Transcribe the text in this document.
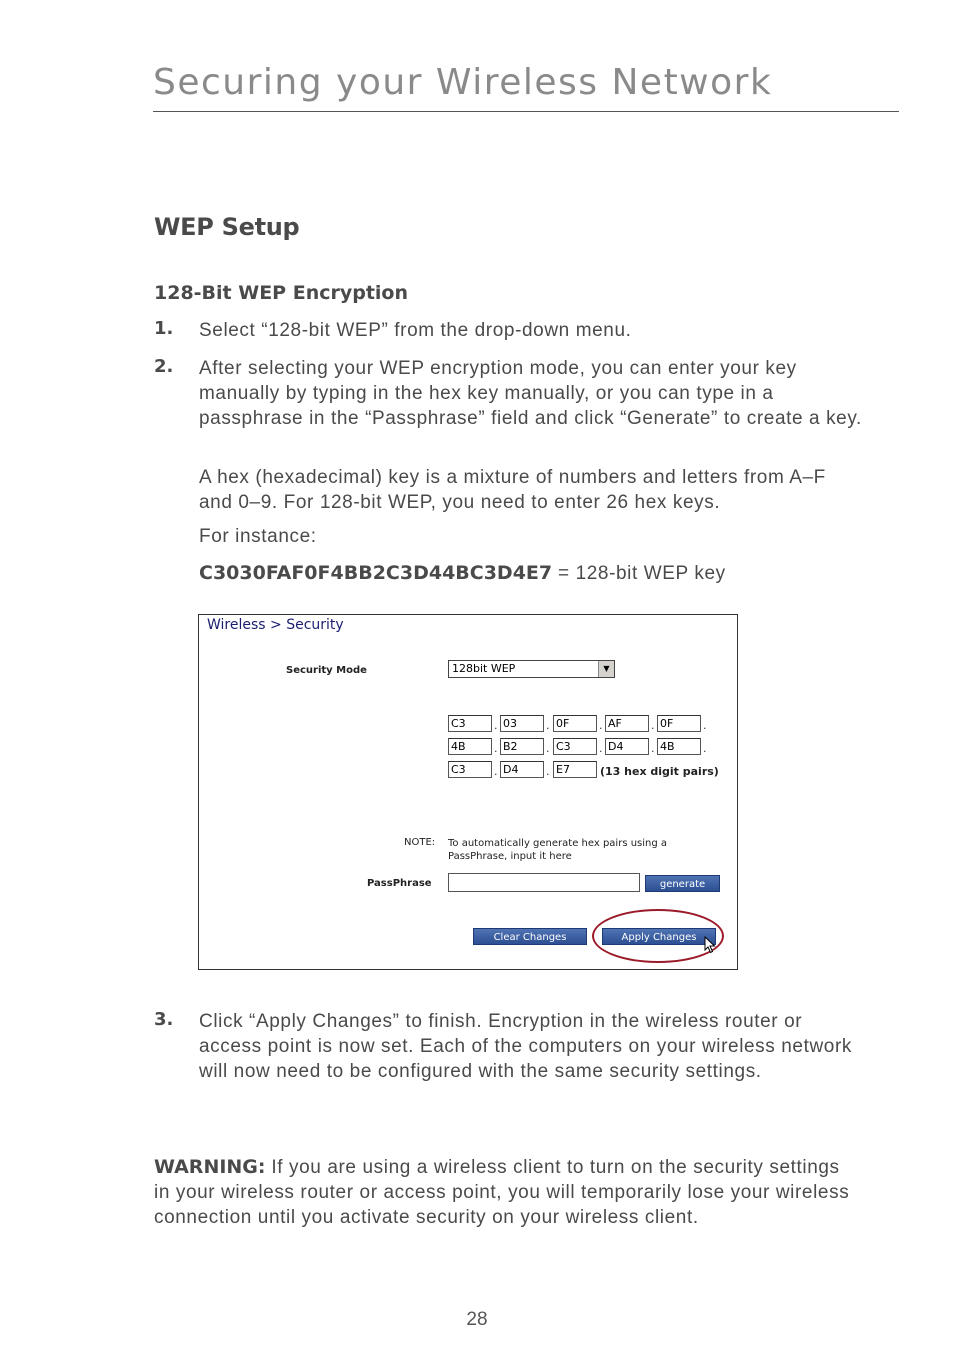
Securing your Wireless Network
WEP Setup
128-Bit WEP Encryption
1. Select “128-bit WEP” from the drop-down menu.
2. After selecting your WEP encryption mode, you can enter your key manually by typing in the hex key manually, or you can type in a passphrase in the “Passphrase” field and click “Generate” to create a key.
A hex (hexadecimal) key is a mixture of numbers and letters from A–F and 0–9. For 128-bit WEP, you need to enter 26 hex keys.
For instance:
C3030FAF0F4BB2C3D44BC3D4E7 = 128-bit WEP key
Wireless > Security
Security Mode	128bit WEP	▼
C3	. 03	. 0F	. AF	. 0F	.
4B	. B2	. C3	. D4	. 4B	.
C3	. D4	. E7	(13 hex digit pairs)
NOTE: To automatically generate hex pairs using a PassPhrase, input it here
PassPhrase	generate
Clear Changes	Apply Changes
3. Click “Apply Changes” to finish. Encryption in the wireless router or access point is now set. Each of the computers on your wireless network will now need to be configured with the same security settings.
WARNING: If you are using a wireless client to turn on the security settings in your wireless router or access point, you will temporarily lose your wireless connection until you activate security on your wireless client.
28
